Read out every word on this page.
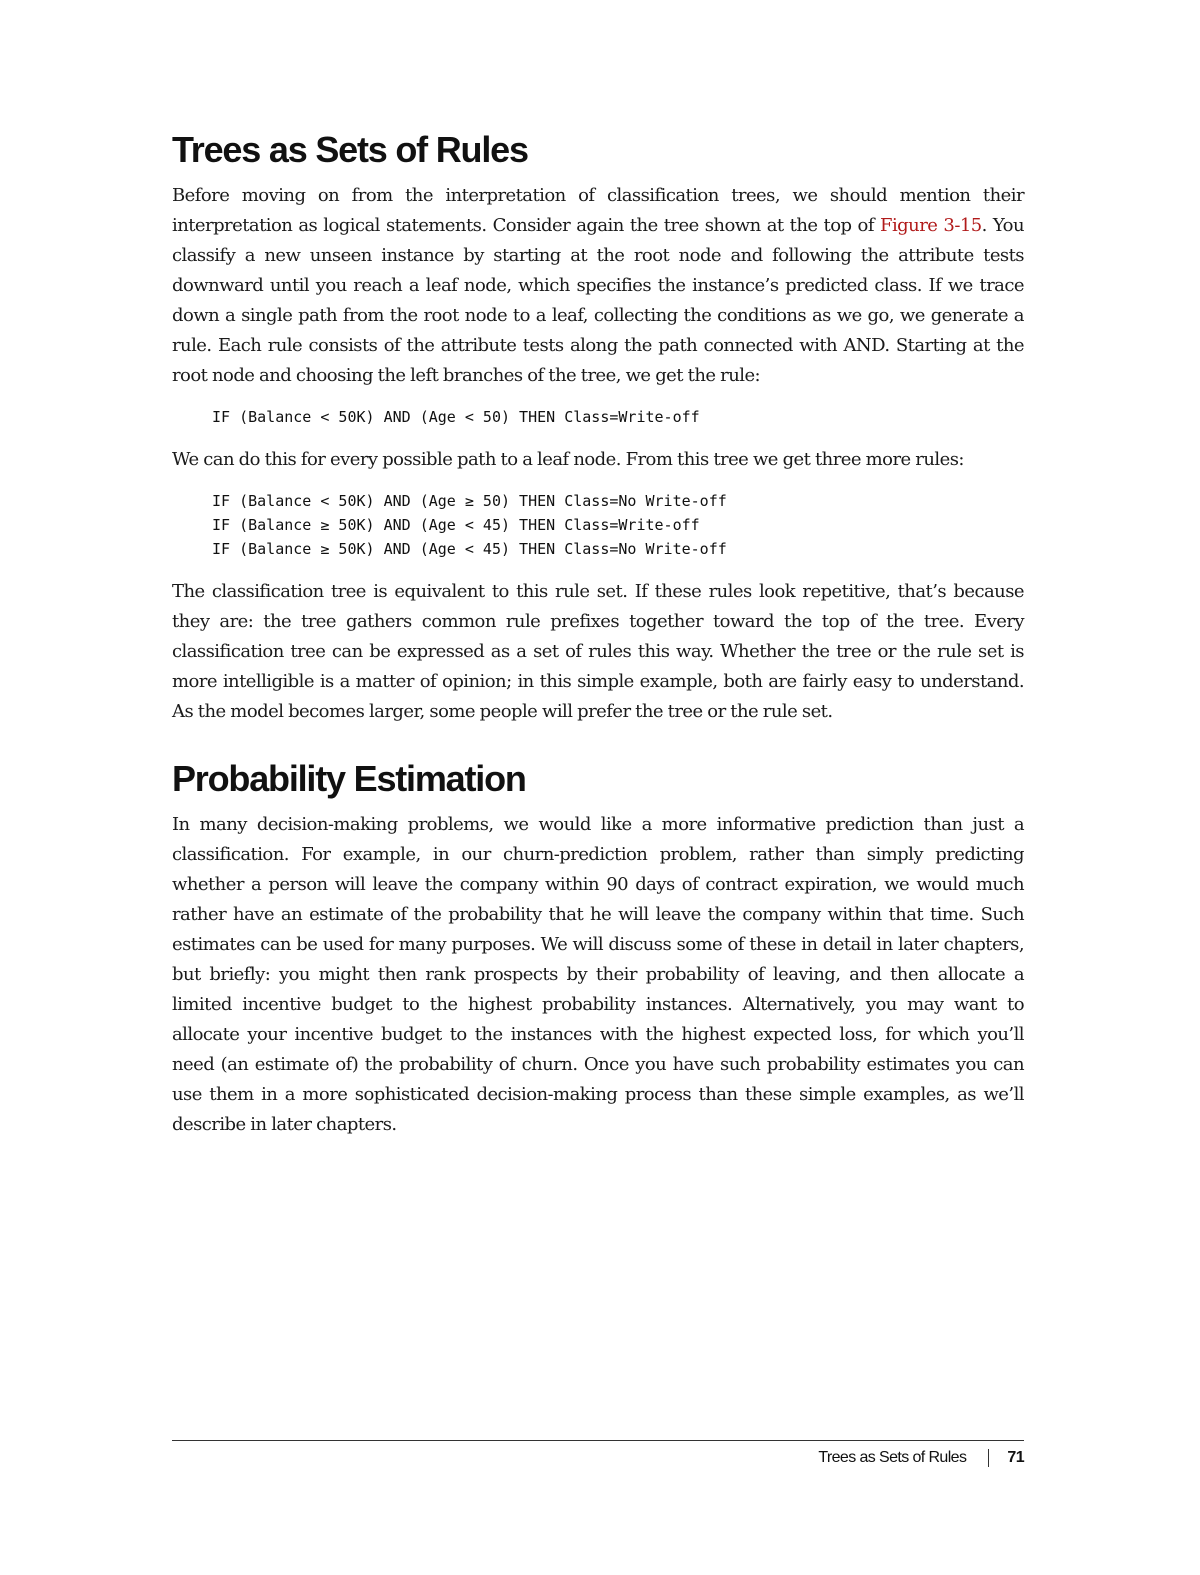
Trees as Sets of Rules

Before moving on from the interpretation of classification trees, we should mention their interpretation as logical statements. Consider again the tree shown at the top of Figure 3-15. You classify a new unseen instance by starting at the root node and following the attribute tests downward until you reach a leaf node, which specifies the instance’s predicted class. If we trace down a single path from the root node to a leaf, collecting the conditions as we go, we generate a rule. Each rule consists of the attribute tests along the path connected with AND. Starting at the root node and choosing the left branches of the tree, we get the rule:

IF (Balance < 50K) AND (Age < 50) THEN Class=Write-off

We can do this for every possible path to a leaf node. From this tree we get three more rules:

IF (Balance < 50K) AND (Age ≥ 50) THEN Class=No Write-off
IF (Balance ≥ 50K) AND (Age < 45) THEN Class=Write-off
IF (Balance ≥ 50K) AND (Age < 45) THEN Class=No Write-off

The classification tree is equivalent to this rule set. If these rules look repetitive, that’s because they are: the tree gathers common rule prefixes together toward the top of the tree. Every classification tree can be expressed as a set of rules this way. Whether the tree or the rule set is more intelligible is a matter of opinion; in this simple example, both are fairly easy to understand. As the model becomes larger, some people will prefer the tree or the rule set.

Probability Estimation

In many decision-making problems, we would like a more informative prediction than just a classification. For example, in our churn-prediction problem, rather than simply predicting whether a person will leave the company within 90 days of contract expiration, we would much rather have an estimate of the probability that he will leave the company within that time. Such estimates can be used for many purposes. We will discuss some of these in detail in later chapters, but briefly: you might then rank prospects by their probability of leaving, and then allocate a limited incentive budget to the highest probability instances. Alternatively, you may want to allocate your incentive budget to the instances with the highest expected loss, for which you’ll need (an estimate of) the probability of churn. Once you have such probability estimates you can use them in a more sophisticated decision-making process than these simple examples, as we’ll describe in later chapters.

Trees as Sets of Rules	71
